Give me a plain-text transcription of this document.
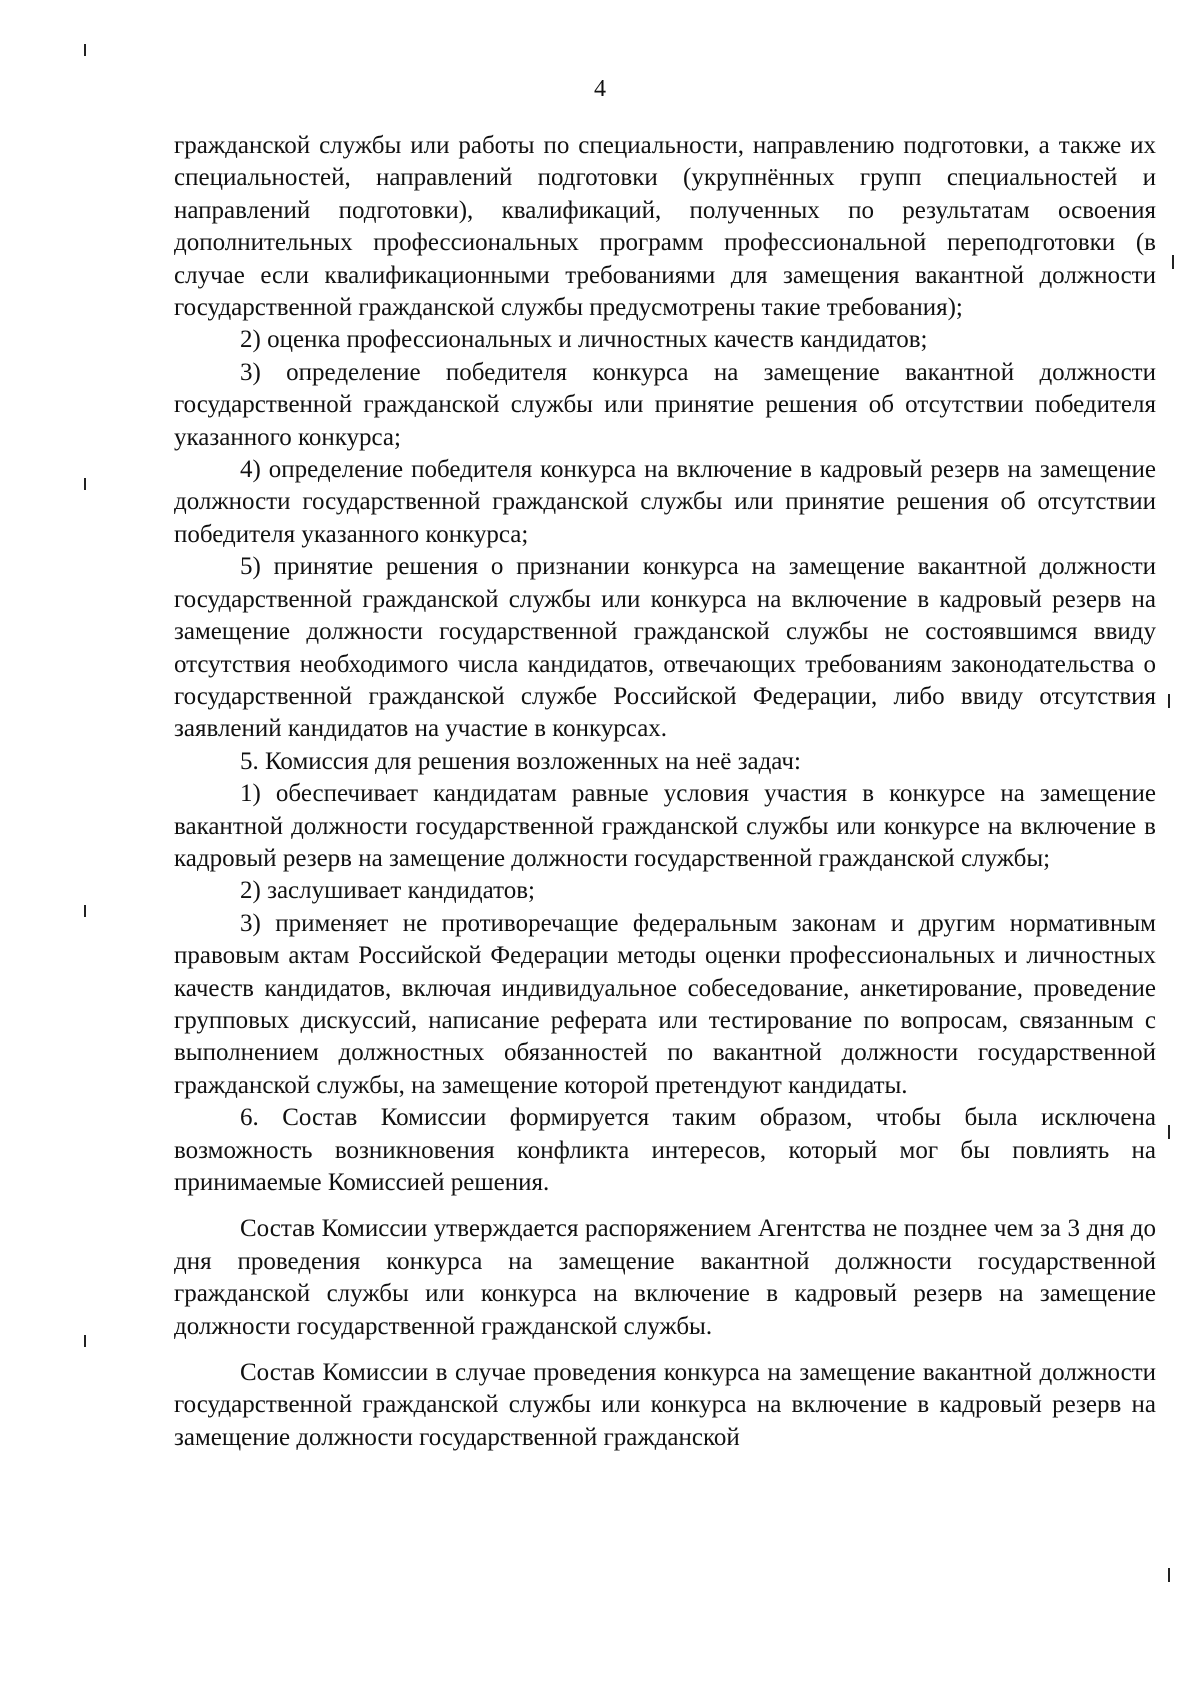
4

гражданской службы или работы по специальности, направлению подготовки, а также их специальностей, направлений подготовки (укрупнённых групп специальностей и направлений подготовки), квалификаций, полученных по результатам освоения дополнительных профессиональных программ профессиональной переподготовки (в случае если квалификационными требованиями для замещения вакантной должности государственной гражданской службы предусмотрены такие требования);

2) оценка профессиональных и личностных качеств кандидатов;

3) определение победителя конкурса на замещение вакантной должности государственной гражданской службы или принятие решения об отсутствии победителя указанного конкурса;

4) определение победителя конкурса на включение в кадровый резерв на замещение должности государственной гражданской службы или принятие решения об отсутствии победителя указанного конкурса;

5) принятие решения о признании конкурса на замещение вакантной должности государственной гражданской службы или конкурса на включение в кадровый резерв на замещение должности государственной гражданской службы не состоявшимся ввиду отсутствия необходимого числа кандидатов, отвечающих требованиям законодательства о государственной гражданской службе Российской Федерации, либо ввиду отсутствия заявлений кандидатов на участие в конкурсах.

5. Комиссия для решения возложенных на неё задач:

1) обеспечивает кандидатам равные условия участия в конкурсе на замещение вакантной должности государственной гражданской службы или конкурсе на включение в кадровый резерв на замещение должности государственной гражданской службы;

2) заслушивает кандидатов;

3) применяет не противоречащие федеральным законам и другим нормативным правовым актам Российской Федерации методы оценки профессиональных и личностных качеств кандидатов, включая индивидуальное собеседование, анкетирование, проведение групповых дискуссий, написание реферата или тестирование по вопросам, связанным с выполнением должностных обязанностей по вакантной должности государственной гражданской службы, на замещение которой претендуют кандидаты.

6. Состав Комиссии формируется таким образом, чтобы была исключена возможность возникновения конфликта интересов, который мог бы повлиять на принимаемые Комиссией решения.

Состав Комиссии утверждается распоряжением Агентства не позднее чем за 3 дня до дня проведения конкурса на замещение вакантной должности государственной гражданской службы или конкурса на включение в кадровый резерв на замещение должности государственной гражданской службы.

Состав Комиссии в случае проведения конкурса на замещение вакантной должности государственной гражданской службы или конкурса на включение в кадровый резерв на замещение должности государственной гражданской
